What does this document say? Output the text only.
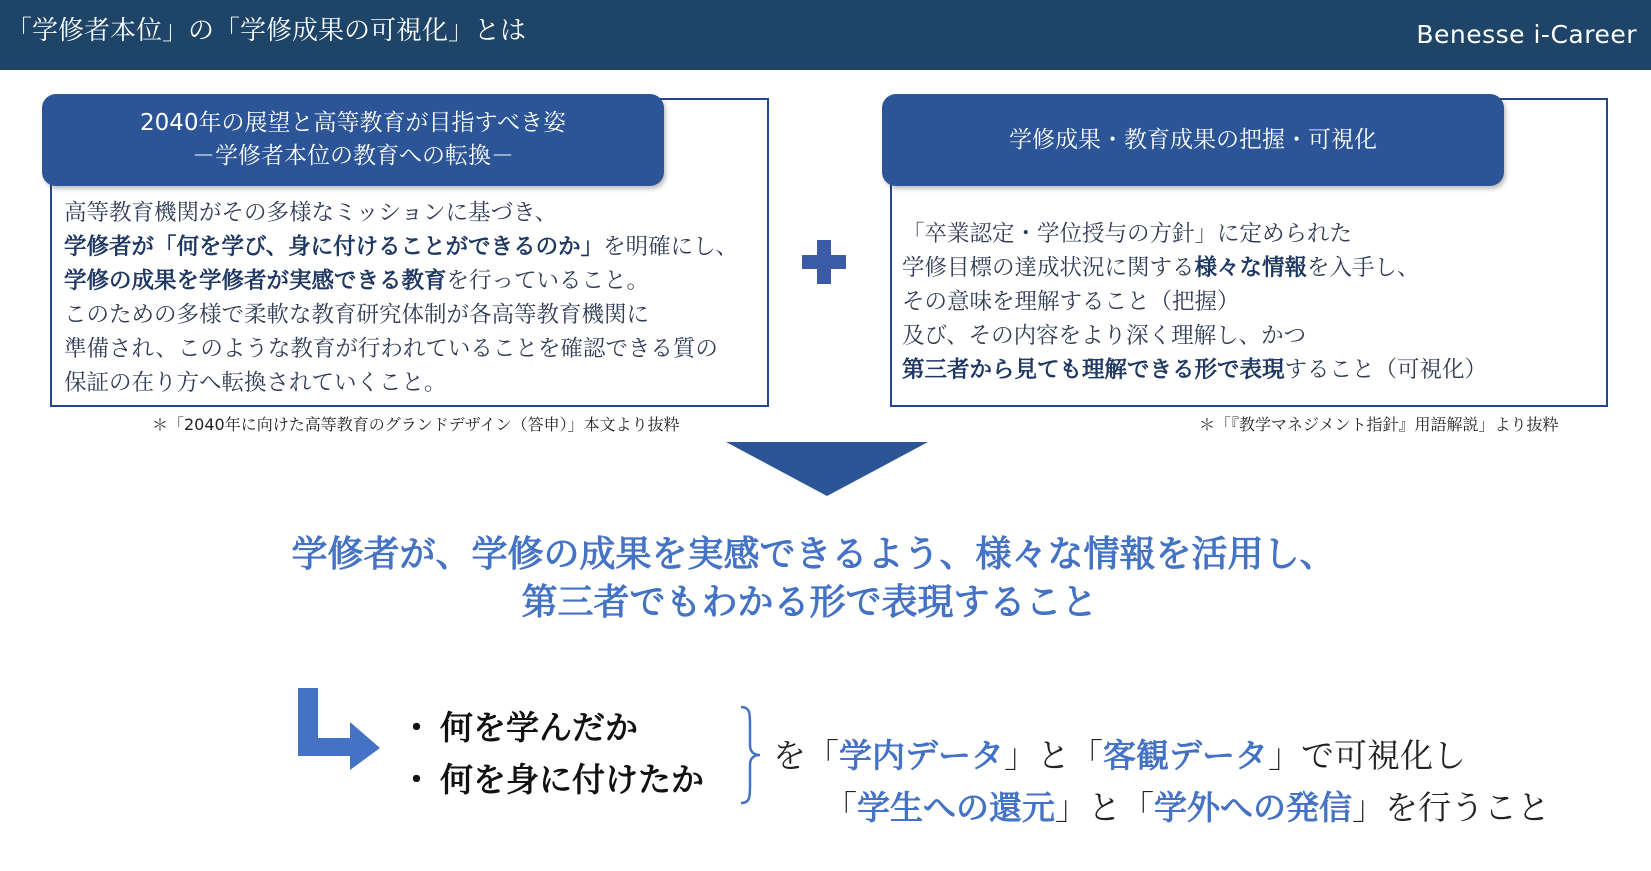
「学修者本位」の「学修成果の可視化」とは	Benesse i-Career
2040年の展望と高等教育が目指すべき姿
－学修者本位の教育への転換－
高等教育機関がその多様なミッションに基づき、
学修者が「何を学び、身に付けることができるのか」を明確にし、
学修の成果を学修者が実感できる教育を行っていること。
このための多様で柔軟な教育研究体制が各高等教育機関に
準備され、このような教育が行われていることを確認できる質の
保証の在り方へ転換されていくこと。
＊「2040年に向けた高等教育のグランドデザイン（答申）」本文より抜粋
学修成果・教育成果の把握・可視化
「卒業認定・学位授与の方針」に定められた
学修目標の達成状況に関する様々な情報を入手し、
その意味を理解すること（把握）
及び、その内容をより深く理解し、かつ
第三者から見ても理解できる形で表現すること（可視化）
＊「『教学マネジメント指針』用語解説」より抜粋
学修者が、学修の成果を実感できるよう、様々な情報を活用し、
第三者でもわかる形で表現すること
・ 何を学んだか
・ 何を身に付けたか
を「学内データ」と「客観データ」で可視化し
「学生への還元」と「学外への発信」を行うこと
